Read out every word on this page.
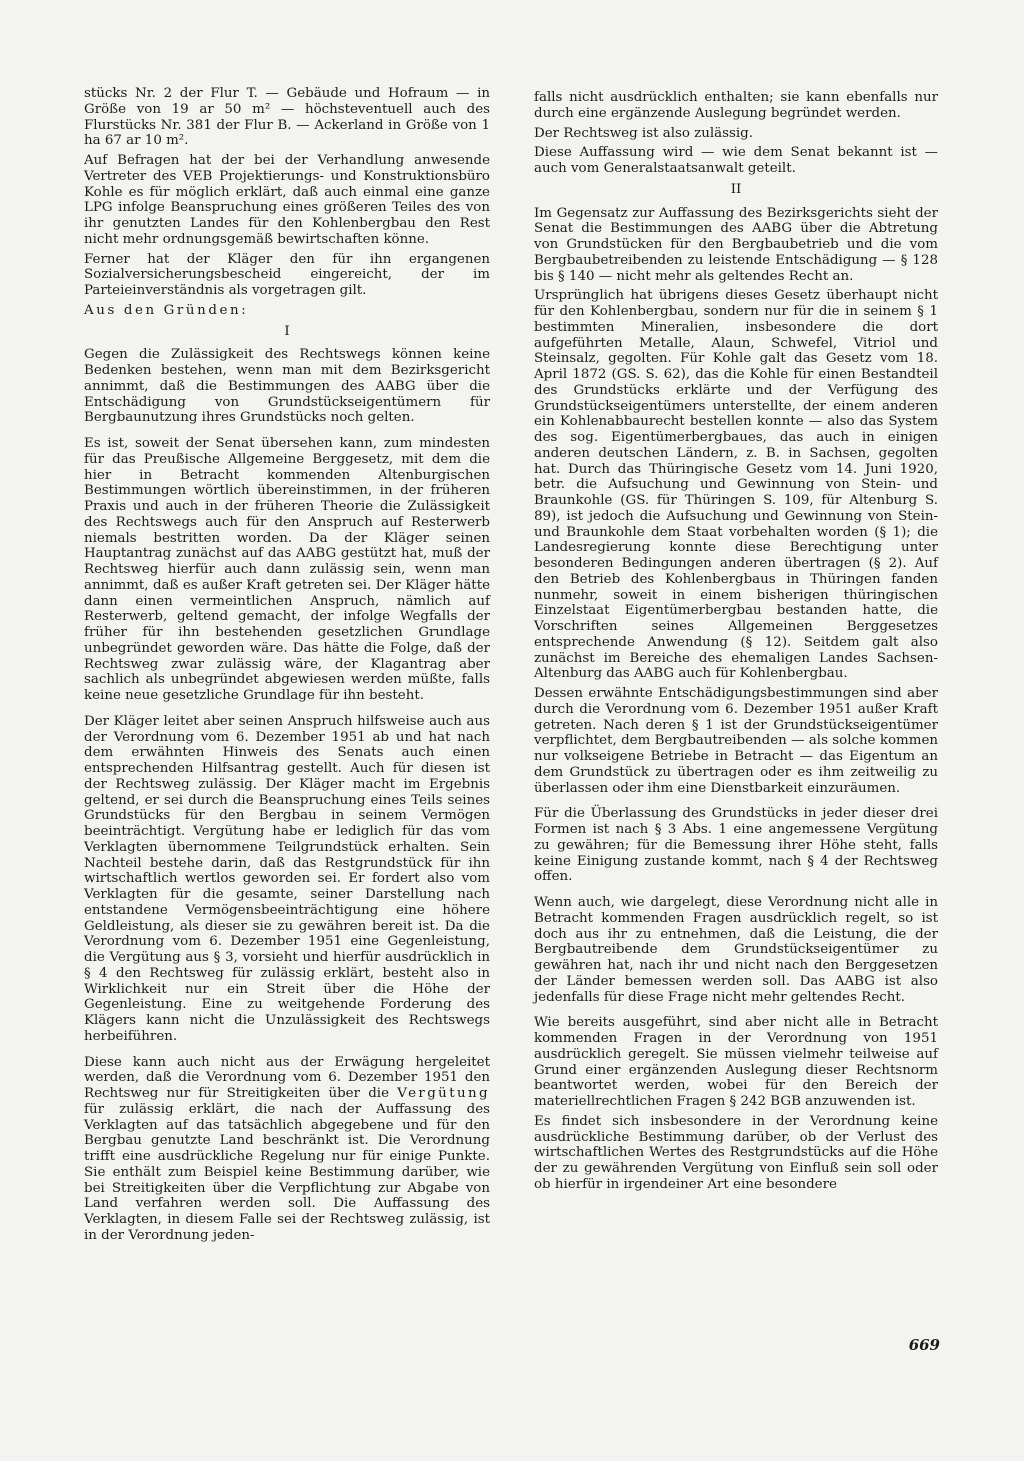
stücks Nr. 2 der Flur T. — Gebäude und Hofraum — in Größe von 19 ar 50 m² — höchsteventuell auch des Flurstücks Nr. 381 der Flur B. — Ackerland in Größe von 1 ha 67 ar 10 m².

Auf Befragen hat der bei der Verhandlung anwesende Vertreter des VEB Projektierungs- und Konstruktionsbüro Kohle es für möglich erklärt, daß auch einmal eine ganze LPG infolge Beanspruchung eines größeren Teiles des von ihr genutzten Landes für den Kohlenbergbau den Rest nicht mehr ordnungsgemäß bewirtschaften könne.

Ferner hat der Kläger den für ihn ergangenen Sozialversicherungsbescheid eingereicht, der im Parteieinverständnis als vorgetragen gilt.

Aus den Gründen:
I

Gegen die Zulässigkeit des Rechtswegs können keine Bedenken bestehen, wenn man mit dem Bezirksgericht annimmt, daß die Bestimmungen des AABG über die Entschädigung von Grundstückseigentümern für Bergbaunutzung ihres Grundstücks noch gelten.

Es ist, soweit der Senat übersehen kann, zum mindesten für das Preußische Allgemeine Berggesetz, mit dem die hier in Betracht kommenden Altenburgischen Bestimmungen wörtlich übereinstimmen, in der früheren Praxis und auch in der früheren Theorie die Zulässigkeit des Rechtswegs auch für den Anspruch auf Resterwerb niemals bestritten worden. Da der Kläger seinen Hauptantrag zunächst auf das AABG gestützt hat, muß der Rechtsweg hierfür auch dann zulässig sein, wenn man annimmt, daß es außer Kraft getreten sei. Der Kläger hätte dann einen vermeintlichen Anspruch, nämlich auf Resterwerb, geltend gemacht, der infolge Wegfalls der früher für ihn bestehenden gesetzlichen Grundlage unbegründet geworden wäre. Das hätte die Folge, daß der Rechtsweg zwar zulässig wäre, der Klagantrag aber sachlich als unbegründet abgewiesen werden müßte, falls keine neue gesetzliche Grundlage für ihn besteht.

Der Kläger leitet aber seinen Anspruch hilfsweise auch aus der Verordnung vom 6. Dezember 1951 ab und hat nach dem erwähnten Hinweis des Senats auch einen entsprechenden Hilfsantrag gestellt. Auch für diesen ist der Rechtsweg zulässig. Der Kläger macht im Ergebnis geltend, er sei durch die Beanspruchung eines Teils seines Grundstücks für den Bergbau in seinem Vermögen beeinträchtigt. Vergütung habe er lediglich für das vom Verklagten übernommene Teilgrundstück erhalten. Sein Nachteil bestehe darin, daß das Restgrundstück für ihn wirtschaftlich wertlos geworden sei. Er fordert also vom Verklagten für die gesamte, seiner Darstellung nach entstandene Vermögensbeeinträchtigung eine höhere Geldleistung, als dieser sie zu gewähren bereit ist. Da die Verordnung vom 6. Dezember 1951 eine Gegenleistung, die Vergütung aus § 3, vorsieht und hierfür ausdrücklich in § 4 den Rechtsweg für zulässig erklärt, besteht also in Wirklichkeit nur ein Streit über die Höhe der Gegenleistung. Eine zu weitgehende Forderung des Klägers kann nicht die Unzulässigkeit des Rechtswegs herbeiführen.

Diese kann auch nicht aus der Erwägung hergeleitet werden, daß die Verordnung vom 6. Dezember 1951 den Rechtsweg nur für Streitigkeiten über die Vergütung für zulässig erklärt, die nach der Auffassung des Verklagten auf das tatsächlich abgegebene und für den Bergbau genutzte Land beschränkt ist. Die Verordnung trifft eine ausdrückliche Regelung nur für einige Punkte. Sie enthält zum Beispiel keine Bestimmung darüber, wie bei Streitigkeiten über die Verpflichtung zur Abgabe von Land verfahren werden soll. Die Auffassung des Verklagten, in diesem Falle sei der Rechtsweg zulässig, ist in der Verordnung jeden-

falls nicht ausdrücklich enthalten; sie kann ebenfalls nur durch eine ergänzende Auslegung begründet werden.

Der Rechtsweg ist also zulässig.

Diese Auffassung wird — wie dem Senat bekannt ist — auch vom Generalstaatsanwalt geteilt.

II

Im Gegensatz zur Auffassung des Bezirksgerichts sieht der Senat die Bestimmungen des AABG über die Abtretung von Grundstücken für den Bergbaubetrieb und die vom Bergbaubetreibenden zu leistende Entschädigung — § 128 bis § 140 — nicht mehr als geltendes Recht an.

Ursprünglich hat übrigens dieses Gesetz überhaupt nicht für den Kohlenbergbau, sondern nur für die in seinem § 1 bestimmten Mineralien, insbesondere die dort aufgeführten Metalle, Alaun, Schwefel, Vitriol und Steinsalz, gegolten. Für Kohle galt das Gesetz vom 18. April 1872 (GS. S. 62), das die Kohle für einen Bestandteil des Grundstücks erklärte und der Verfügung des Grundstückseigentümers unterstellte, der einem anderen ein Kohlenabbaurecht bestellen konnte — also das System des sog. Eigentümerbergbaues, das auch in einigen anderen deutschen Ländern, z. B. in Sachsen, gegolten hat. Durch das Thüringische Gesetz vom 14. Juni 1920, betr. die Aufsuchung und Gewinnung von Stein- und Braunkohle (GS. für Thüringen S. 109, für Altenburg S. 89), ist jedoch die Aufsuchung und Gewinnung von Stein- und Braunkohle dem Staat vorbehalten worden (§ 1); die Landesregierung konnte diese Berechtigung unter besonderen Bedingungen anderen übertragen (§ 2). Auf den Betrieb des Kohlenbergbaus in Thüringen fanden nunmehr, soweit in einem bisherigen thüringischen Einzelstaat Eigentümerbergbau bestanden hatte, die Vorschriften seines Allgemeinen Berggesetzes entsprechende Anwendung (§ 12). Seitdem galt also zunächst im Bereiche des ehemaligen Landes Sachsen-Altenburg das AABG auch für Kohlenbergbau.

Dessen erwähnte Entschädigungsbestimmungen sind aber durch die Verordnung vom 6. Dezember 1951 außer Kraft getreten. Nach deren § 1 ist der Grundstückseigentümer verpflichtet, dem Bergbautreibenden — als solche kommen nur volkseigene Betriebe in Betracht — das Eigentum an dem Grundstück zu übertragen oder es ihm zeitweilig zu überlassen oder ihm eine Dienstbarkeit einzuräumen.

Für die Überlassung des Grundstücks in jeder dieser drei Formen ist nach § 3 Abs. 1 eine angemessene Vergütung zu gewähren; für die Bemessung ihrer Höhe steht, falls keine Einigung zustande kommt, nach § 4 der Rechtsweg offen.

Wenn auch, wie dargelegt, diese Verordnung nicht alle in Betracht kommenden Fragen ausdrücklich regelt, so ist doch aus ihr zu entnehmen, daß die Leistung, die der Bergbautreibende dem Grundstückseigentümer zu gewähren hat, nach ihr und nicht nach den Berggesetzen der Länder bemessen werden soll. Das AABG ist also jedenfalls für diese Frage nicht mehr geltendes Recht.

Wie bereits ausgeführt, sind aber nicht alle in Betracht kommenden Fragen in der Verordnung von 1951 ausdrücklich geregelt. Sie müssen vielmehr teilweise auf Grund einer ergänzenden Auslegung dieser Rechtsnorm beantwortet werden, wobei für den Bereich der materiellrechtlichen Fragen § 242 BGB anzuwenden ist.

Es findet sich insbesondere in der Verordnung keine ausdrückliche Bestimmung darüber, ob der Verlust des wirtschaftlichen Wertes des Restgrundstücks auf die Höhe der zu gewährenden Vergütung von Einfluß sein soll oder ob hierfür in irgendeiner Art eine besondere

669
